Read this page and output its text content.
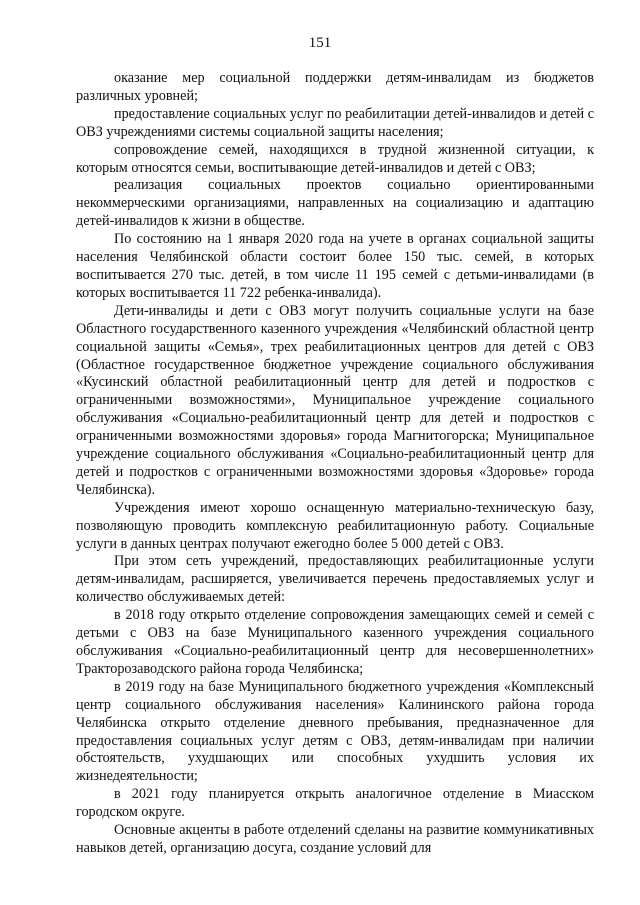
151

оказание мер социальной поддержки детям-инвалидам из бюджетов различных уровней;

предоставление социальных услуг по реабилитации детей-инвалидов и детей с ОВЗ учреждениями системы социальной защиты населения;

сопровождение семей, находящихся в трудной жизненной ситуации, к которым относятся семьи, воспитывающие детей-инвалидов и детей с ОВЗ;

реализация социальных проектов социально ориентированными некоммерческими организациями, направленных на социализацию и адаптацию детей-инвалидов к жизни в обществе.

По состоянию на 1 января 2020 года на учете в органах социальной защиты населения Челябинской области состоит более 150 тыс. семей, в которых воспитывается 270 тыс. детей, в том числе 11 195 семей с детьми-инвалидами (в которых воспитывается 11 722 ребенка-инвалида).

Дети-инвалиды и дети с ОВЗ могут получить социальные услуги на базе Областного государственного казенного учреждения «Челябинский областной центр социальной защиты «Семья», трех реабилитационных центров для детей с ОВЗ (Областное государственное бюджетное учреждение социального обслуживания «Кусинский областной реабилитационный центр для детей и подростков с ограниченными возможностями», Муниципальное учреждение социального обслуживания «Социально-реабилитационный центр для детей и подростков с ограниченными возможностями здоровья» города Магнитогорска; Муниципальное учреждение социального обслуживания «Социально-реабилитационный центр для детей и подростков с ограниченными возможностями здоровья «Здоровье» города Челябинска).

Учреждения имеют хорошо оснащенную материально-техническую базу, позволяющую проводить комплексную реабилитационную работу. Социальные услуги в данных центрах получают ежегодно более 5 000 детей с ОВЗ.

При этом сеть учреждений, предоставляющих реабилитационные услуги детям-инвалидам, расширяется, увеличивается перечень предоставляемых услуг и количество обслуживаемых детей:

в 2018 году открыто отделение сопровождения замещающих семей и семей с детьми с ОВЗ на базе Муниципального казенного учреждения социального обслуживания «Социально-реабилитационный центр для несовершеннолетних» Тракторозаводского района города Челябинска;

в 2019 году на базе Муниципального бюджетного учреждения «Комплексный центр социального обслуживания населения» Калининского района города Челябинска открыто отделение дневного пребывания, предназначенное для предоставления социальных услуг детям с ОВЗ, детям-инвалидам при наличии обстоятельств, ухудшающих или способных ухудшить условия их жизнедеятельности;

в 2021 году планируется открыть аналогичное отделение в Миасском городском округе.

Основные акценты в работе отделений сделаны на развитие коммуникативных навыков детей, организацию досуга, создание условий для
